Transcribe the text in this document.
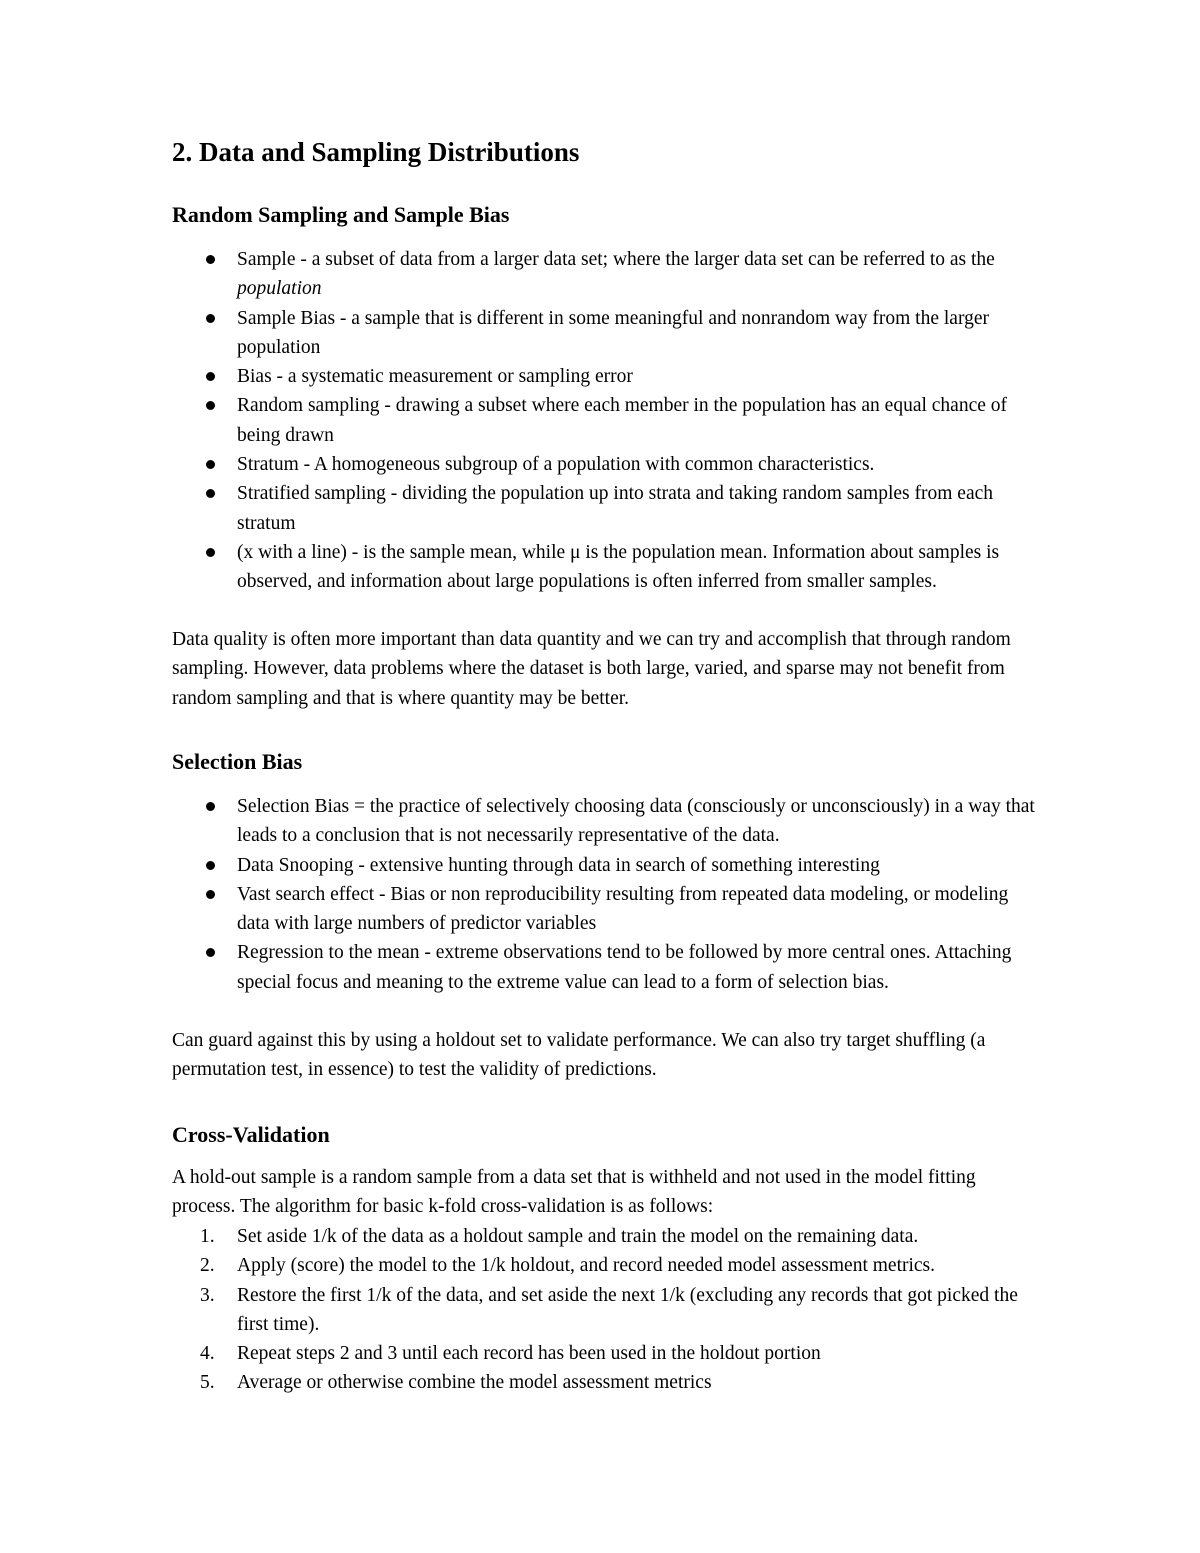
2. Data and Sampling Distributions
Random Sampling and Sample Bias
Sample - a subset of data from a larger data set; where the larger data set can be referred to as the population
Sample Bias - a sample that is different in some meaningful and nonrandom way from the larger population
Bias - a systematic measurement or sampling error
Random sampling - drawing a subset where each member in the population has an equal chance of being drawn
Stratum - A homogeneous subgroup of a population with common characteristics.
Stratified sampling - dividing the population up into strata and taking random samples from each stratum
(x with a line) - is the sample mean, while μ is the population mean. Information about samples is observed, and information about large populations is often inferred from smaller samples.

Data quality is often more important than data quantity and we can try and accomplish that through random sampling. However, data problems where the dataset is both large, varied, and sparse may not benefit from random sampling and that is where quantity may be better.

Selection Bias
Selection Bias = the practice of selectively choosing data (consciously or unconsciously) in a way that leads to a conclusion that is not necessarily representative of the data.
Data Snooping - extensive hunting through data in search of something interesting
Vast search effect - Bias or non reproducibility resulting from repeated data modeling, or modeling data with large numbers of predictor variables
Regression to the mean - extreme observations tend to be followed by more central ones. Attaching special focus and meaning to the extreme value can lead to a form of selection bias.

Can guard against this by using a holdout set to validate performance. We can also try target shuffling (a permutation test, in essence) to test the validity of predictions.

Cross-Validation

A hold-out sample is a random sample from a data set that is withheld and not used in the model fitting process. The algorithm for basic k-fold cross-validation is as follows:

1.	Set aside 1/k of the data as a holdout sample and train the model on the remaining data.
2.	Apply (score) the model to the 1/k holdout, and record needed model assessment metrics.
3.	Restore the first 1/k of the data, and set aside the next 1/k (excluding any records that got picked the first time).
4.	Repeat steps 2 and 3 until each record has been used in the holdout portion
5.	Average or otherwise combine the model assessment metrics
